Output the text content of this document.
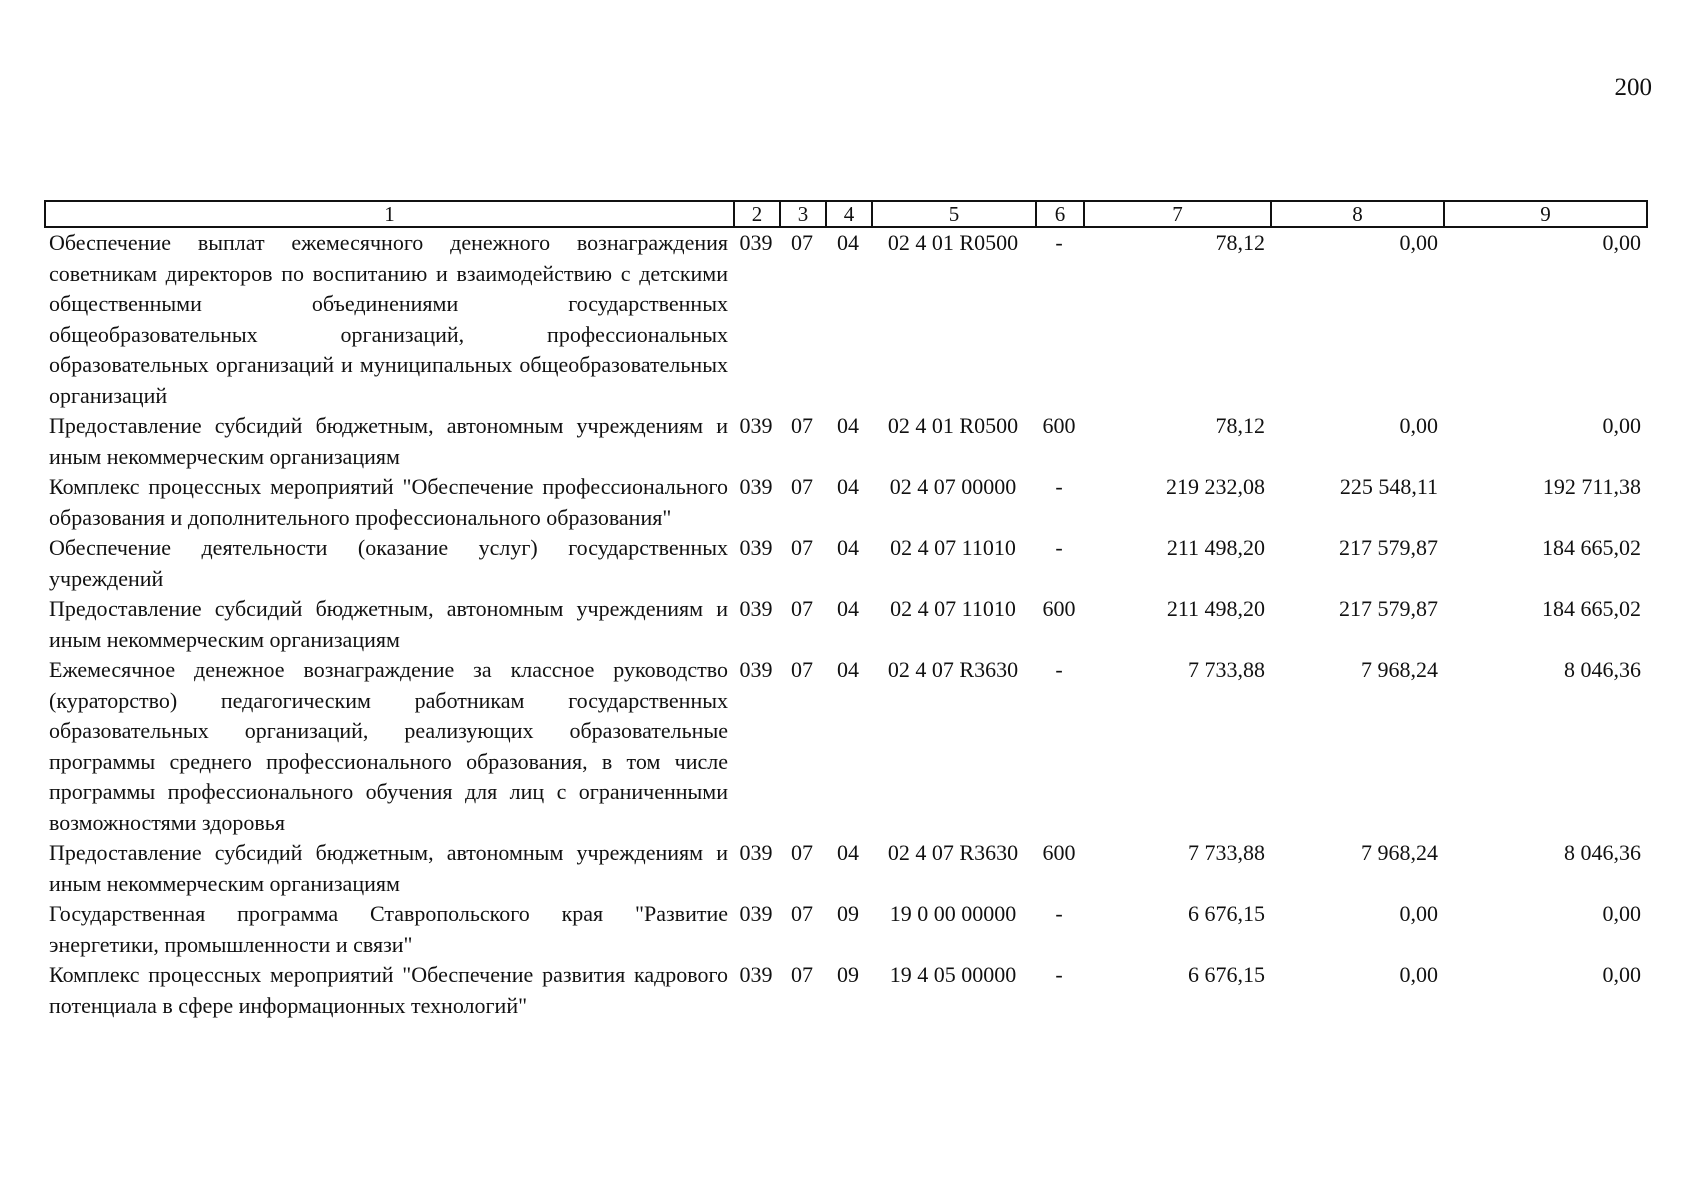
200
1	2	3	4	5	6	7	8	9
Обеспечение выплат ежемесячного денежного вознаграждения советникам директоров по воспитанию и взаимодействию с детскими общественными объединениями государственных общеобразовательных организаций, профессиональных образовательных организаций и муниципальных общеобразовательных организаций	039	07	04	02 4 01 R0500	-	78,12	0,00	0,00
Предоставление субсидий бюджетным, автономным учреждениям и иным некоммерческим организациям	039	07	04	02 4 01 R0500	600	78,12	0,00	0,00
Комплекс процессных мероприятий "Обеспечение профессионального образования и дополнительного профессионального образования"	039	07	04	02 4 07 00000	-	219 232,08	225 548,11	192 711,38
Обеспечение деятельности (оказание услуг) государственных учреждений	039	07	04	02 4 07 11010	-	211 498,20	217 579,87	184 665,02
Предоставление субсидий бюджетным, автономным учреждениям и иным некоммерческим организациям	039	07	04	02 4 07 11010	600	211 498,20	217 579,87	184 665,02
Ежемесячное денежное вознаграждение за классное руководство (кураторство) педагогическим работникам государственных образовательных организаций, реализующих образовательные программы среднего профессионального образования, в том числе программы профессионального обучения для лиц с ограниченными возможностями здоровья	039	07	04	02 4 07 R3630	-	7 733,88	7 968,24	8 046,36
Предоставление субсидий бюджетным, автономным учреждениям и иным некоммерческим организациям	039	07	04	02 4 07 R3630	600	7 733,88	7 968,24	8 046,36
Государственная программа Ставропольского края "Развитие энергетики, промышленности и связи"	039	07	09	19 0 00 00000	-	6 676,15	0,00	0,00
Комплекс процессных мероприятий "Обеспечение развития кадрового потенциала в сфере информационных технологий"	039	07	09	19 4 05 00000	-	6 676,15	0,00	0,00
